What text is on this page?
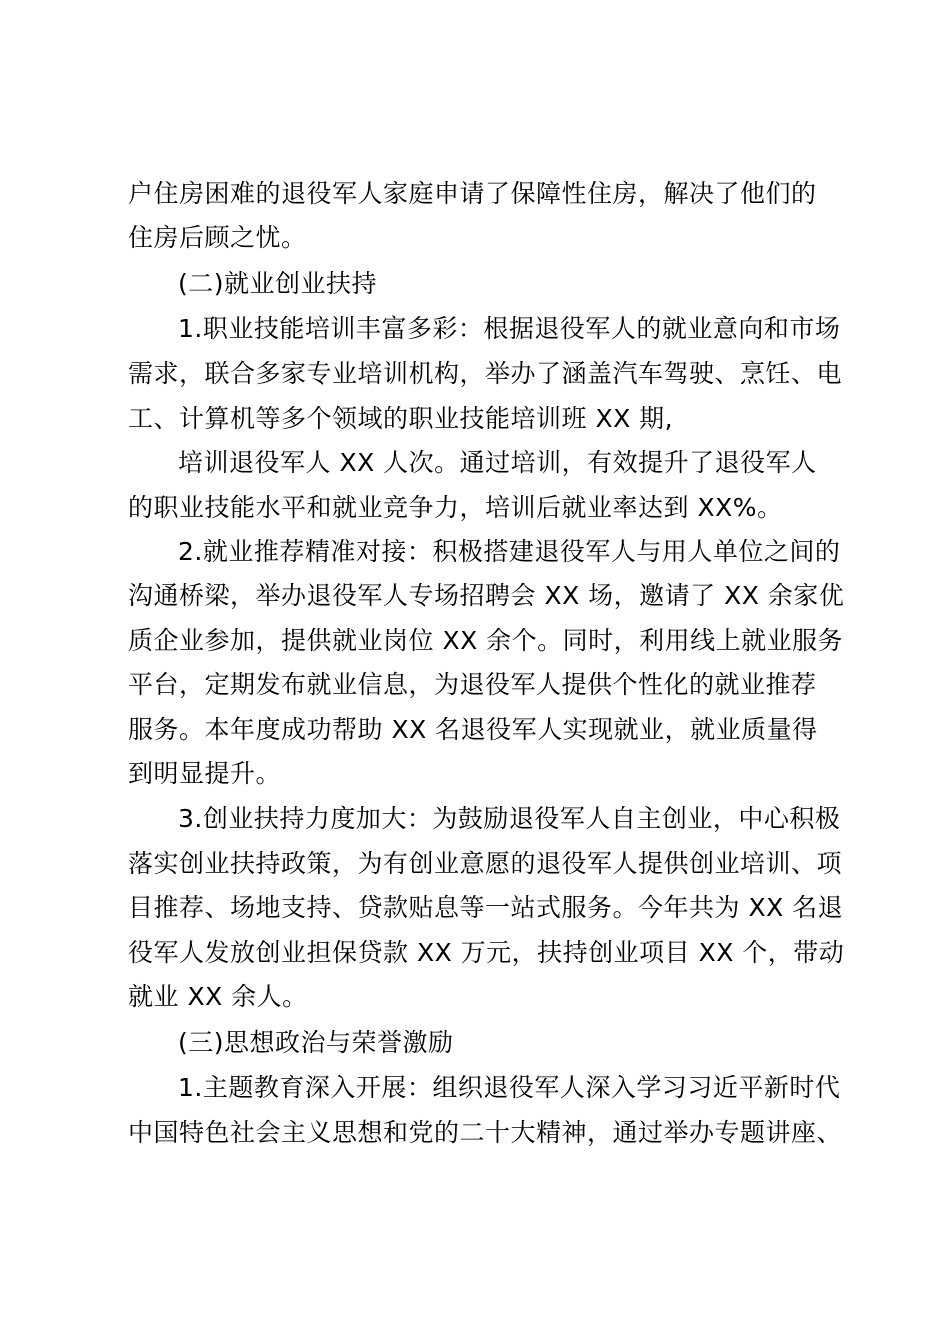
户住房困难的退役军人家庭申请了保障性住房，解决了他们的
住房后顾之忧。
(二)就业创业扶持
1.职业技能培训丰富多彩：根据退役军人的就业意向和市场
需求，联合多家专业培训机构，举办了涵盖汽车驾驶、烹饪、电
工、计算机等多个领域的职业技能培训班 XX 期,
培训退役军人 XX 人次。通过培训，有效提升了退役军人
的职业技能水平和就业竞争力，培训后就业率达到 XX%。
2.就业推荐精准对接：积极搭建退役军人与用人单位之间的
沟通桥梁，举办退役军人专场招聘会 XX 场，邀请了 XX 余家优
质企业参加，提供就业岗位 XX 余个。同时，利用线上就业服务
平台，定期发布就业信息，为退役军人提供个性化的就业推荐
服务。本年度成功帮助 XX 名退役军人实现就业，就业质量得
到明显提升。
3.创业扶持力度加大：为鼓励退役军人自主创业，中心积极
落实创业扶持政策，为有创业意愿的退役军人提供创业培训、项
目推荐、场地支持、贷款贴息等一站式服务。今年共为 XX 名退
役军人发放创业担保贷款 XX 万元，扶持创业项目 XX 个，带动
就业 XX 余人。
(三)思想政治与荣誉激励
1.主题教育深入开展：组织退役军人深入学习习近平新时代
中国特色社会主义思想和党的二十大精神，通过举办专题讲座、
